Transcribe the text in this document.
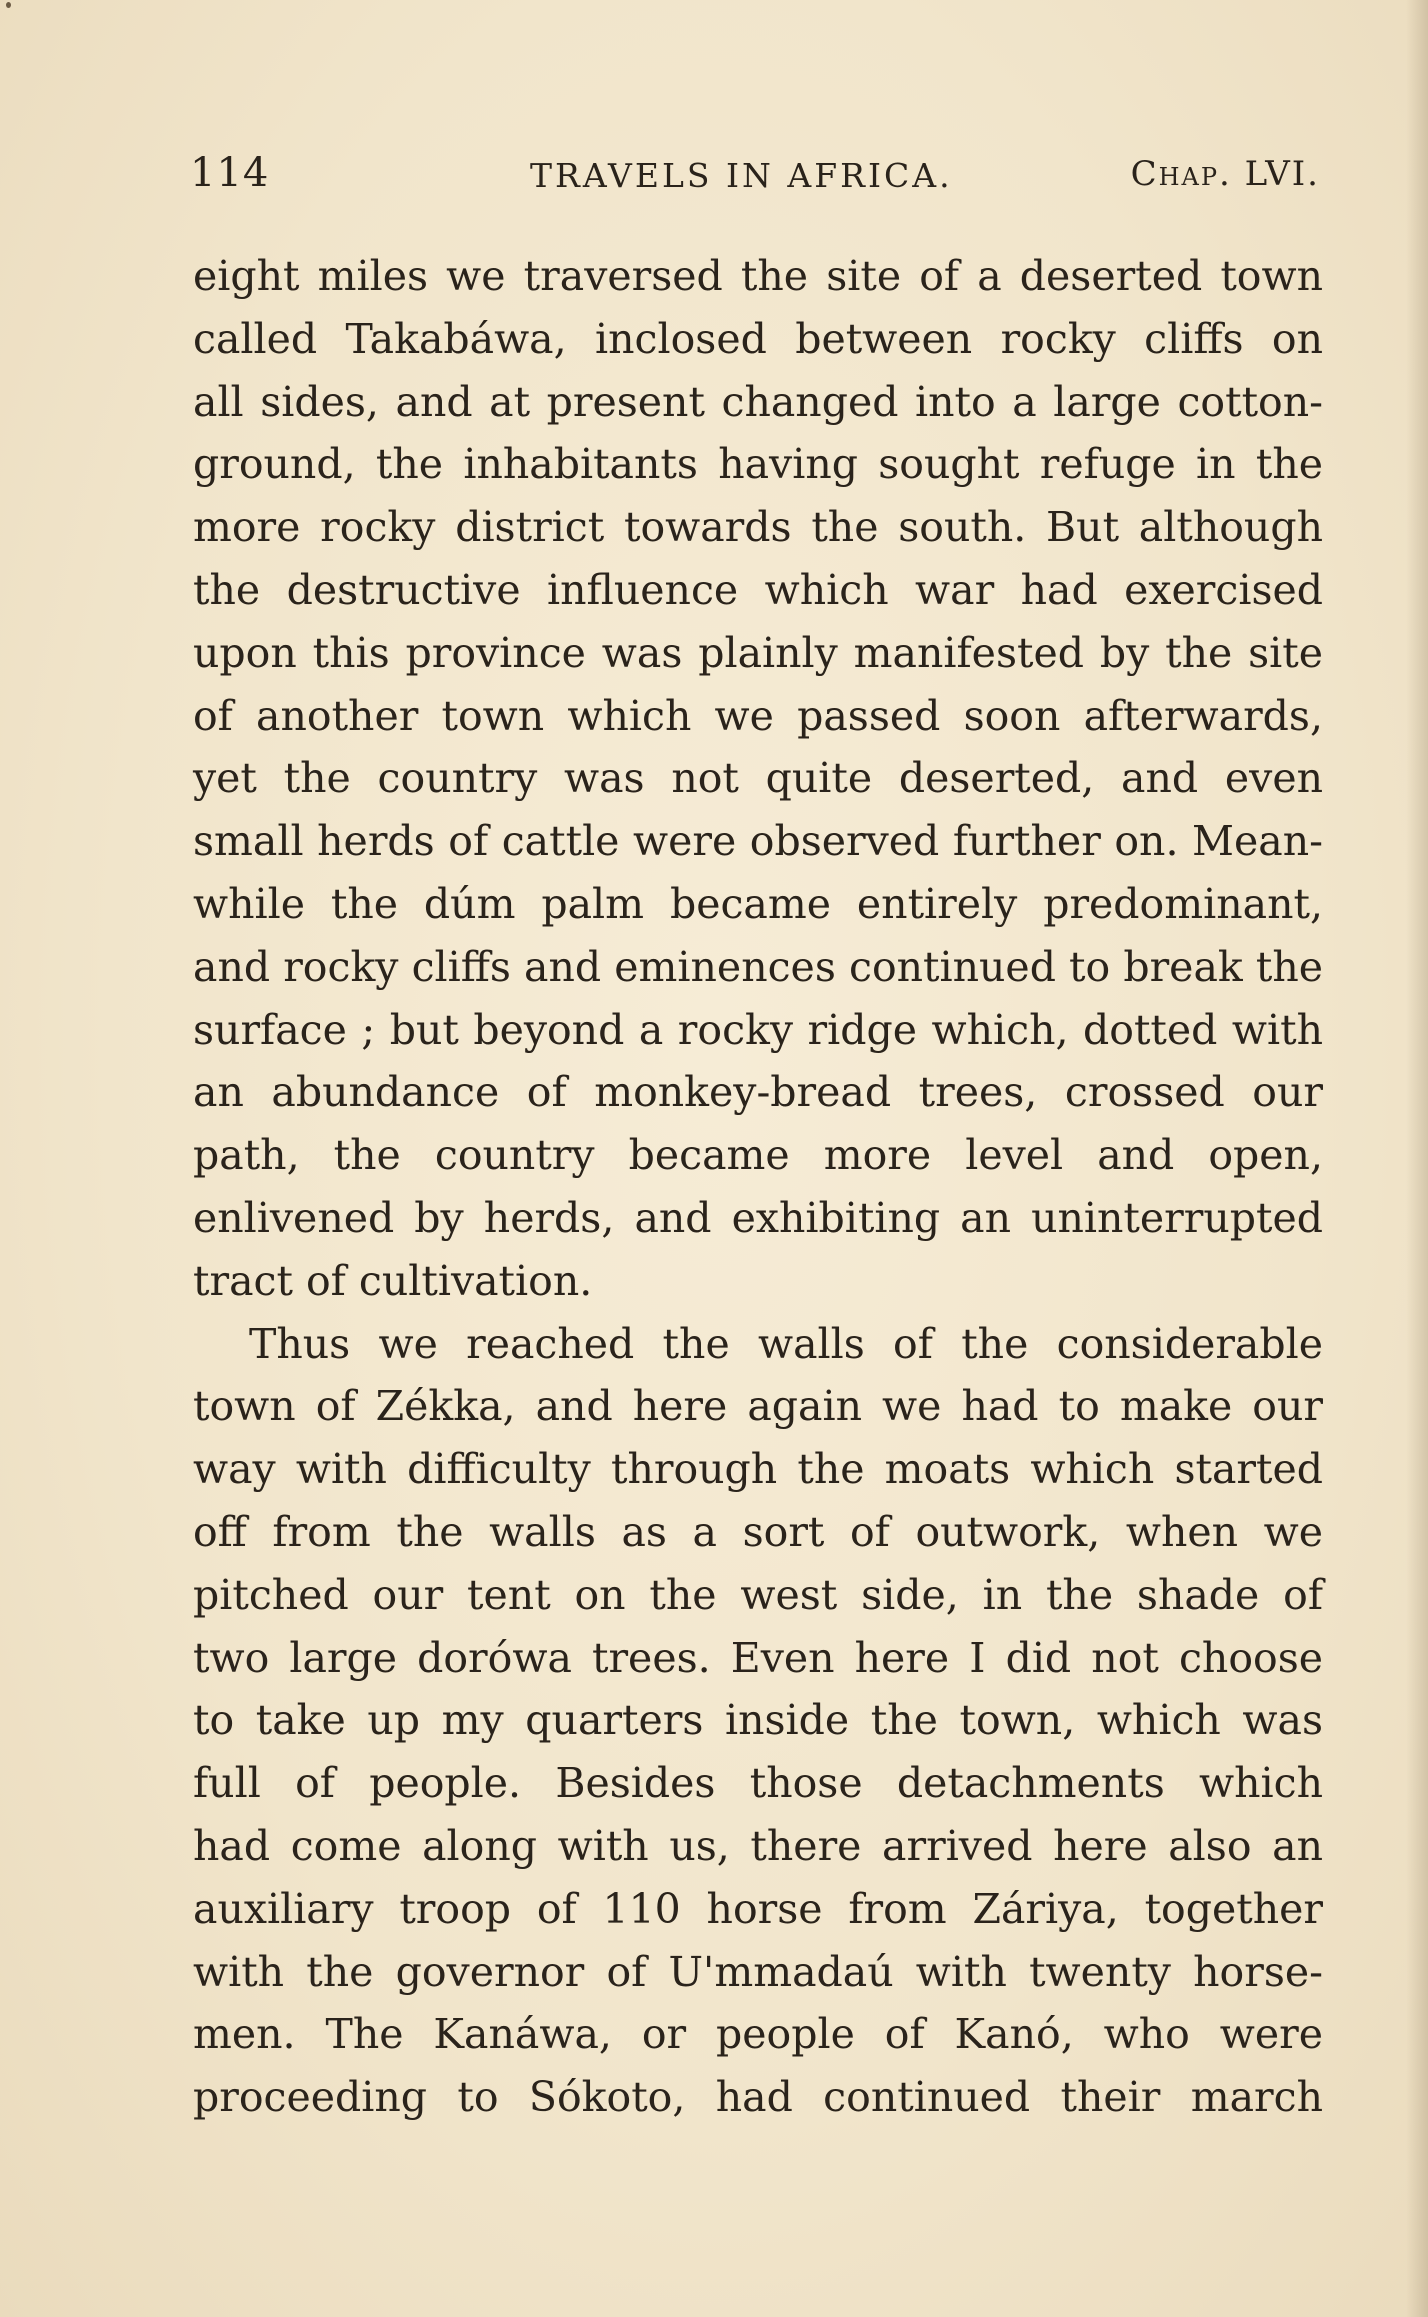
114	TRAVELS IN AFRICA.	Chap. LVI.
eight miles we traversed the site of a deserted town
called Takabáwa, inclosed between rocky cliffs on
all sides, and at present changed into a large cotton-
ground, the inhabitants having sought refuge in the
more rocky district towards the south. But although
the destructive influence which war had exercised
upon this province was plainly manifested by the site
of another town which we passed soon afterwards,
yet the country was not quite deserted, and even
small herds of cattle were observed further on. Mean-
while the dúm palm became entirely predominant,
and rocky cliffs and eminences continued to break the
surface ; but beyond a rocky ridge which, dotted with
an abundance of monkey-bread trees, crossed our
path, the country became more level and open,
enlivened by herds, and exhibiting an uninterrupted
tract of cultivation.
Thus we reached the walls of the considerable
town of Zékka, and here again we had to make our
way with difficulty through the moats which started
off from the walls as a sort of outwork, when we
pitched our tent on the west side, in the shade of
two large dorówa trees. Even here I did not choose
to take up my quarters inside the town, which was
full of people. Besides those detachments which
had come along with us, there arrived here also an
auxiliary troop of 110 horse from Záriya, together
with the governor of U'mmadaú with twenty horse-
men. The Kanáwa, or people of Kanó, who were
proceeding to Sókoto, had continued their march
